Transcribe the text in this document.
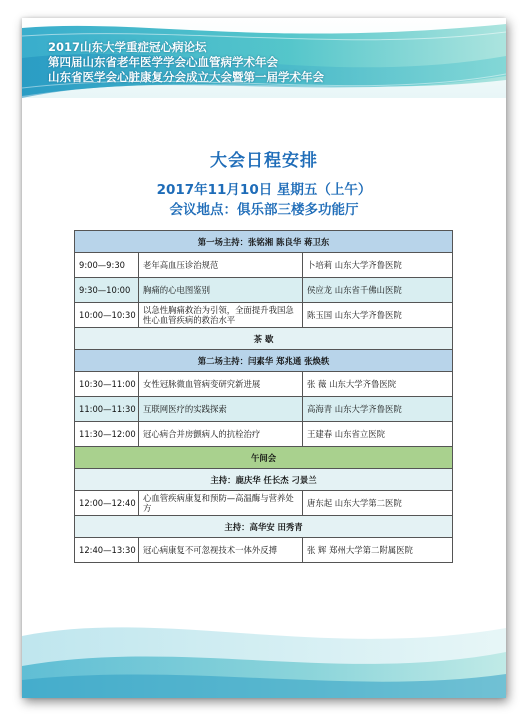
2017山东大学重症冠心病论坛
第四届山东省老年医学学会心血管病学术年会
山东省医学会心脏康复分会成立大会暨第一届学术年会
大会日程安排
2017年11月10日 星期五（上午）
会议地点：俱乐部三楼多功能厅
第一场主持：张铭湘 陈良华 蒋卫东		
9:00—9:30	老年高血压诊治规范	卜培莉 山东大学齐鲁医院
9:30—10:00	胸痛的心电图鉴别	侯应龙 山东省千佛山医院
10:00—10:30	以急性胸痛救治为引领，全面提升我国急性心血管疾病的救治水平	陈玉国 山东大学齐鲁医院
茶 歇		
第二场主持：闫素华 郑兆通 张焕轶		
10:30—11:00	女性冠脉微血管病变研究新进展	张 薇 山东大学齐鲁医院
11:00—11:30	互联网医疗的实践探索	高海青 山东大学齐鲁医院
11:30—12:00	冠心病合并房颤病人的抗栓治疗	王建春 山东省立医院
午间会		
主持：鹿庆华 任长杰 刁景兰		
12:00—12:40	心血管疾病康复和预防—高温酶与营养处方	唐东起 山东大学第二医院
主持：高华安 田秀青		
12:40—13:30	冠心病康复不可忽视技术一体外反搏	张 辉 郑州大学第二附属医院
